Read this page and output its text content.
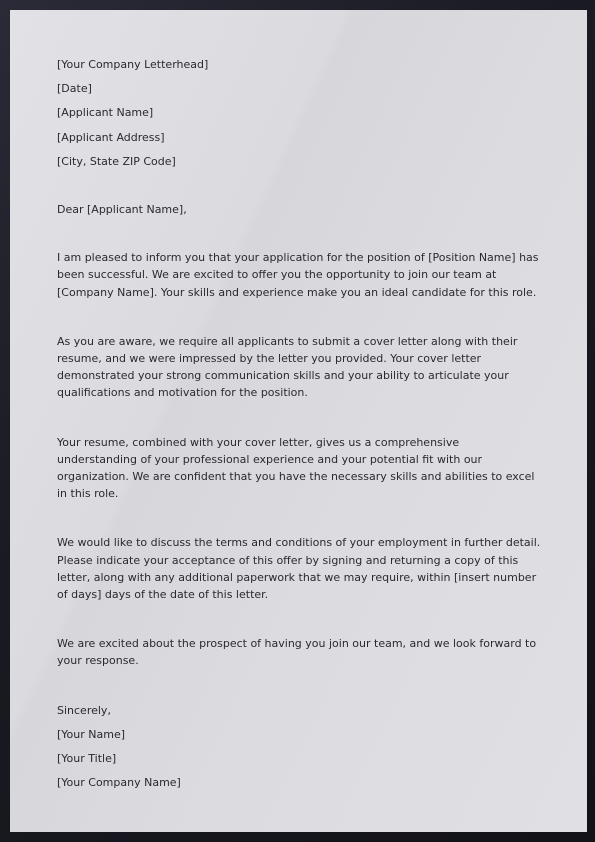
[Your Company Letterhead]
[Date]
[Applicant Name]
[Applicant Address]
[City, State ZIP Code]
Dear [Applicant Name],

I am pleased to inform you that your application for the position of [Position Name] has been successful. We are excited to offer you the opportunity to join our team at [Company Name]. Your skills and experience make you an ideal candidate for this role.

As you are aware, we require all applicants to submit a cover letter along with their resume, and we were impressed by the letter you provided. Your cover letter demonstrated your strong communication skills and your ability to articulate your qualifications and motivation for the position.

Your resume, combined with your cover letter, gives us a comprehensive understanding of your professional experience and your potential fit with our organization. We are confident that you have the necessary skills and abilities to excel in this role.

We would like to discuss the terms and conditions of your employment in further detail. Please indicate your acceptance of this offer by signing and returning a copy of this letter, along with any additional paperwork that we may require, within [insert number of days] days of the date of this letter.

We are excited about the prospect of having you join our team, and we look forward to your response.

Sincerely,
[Your Name]
[Your Title]
[Your Company Name]
